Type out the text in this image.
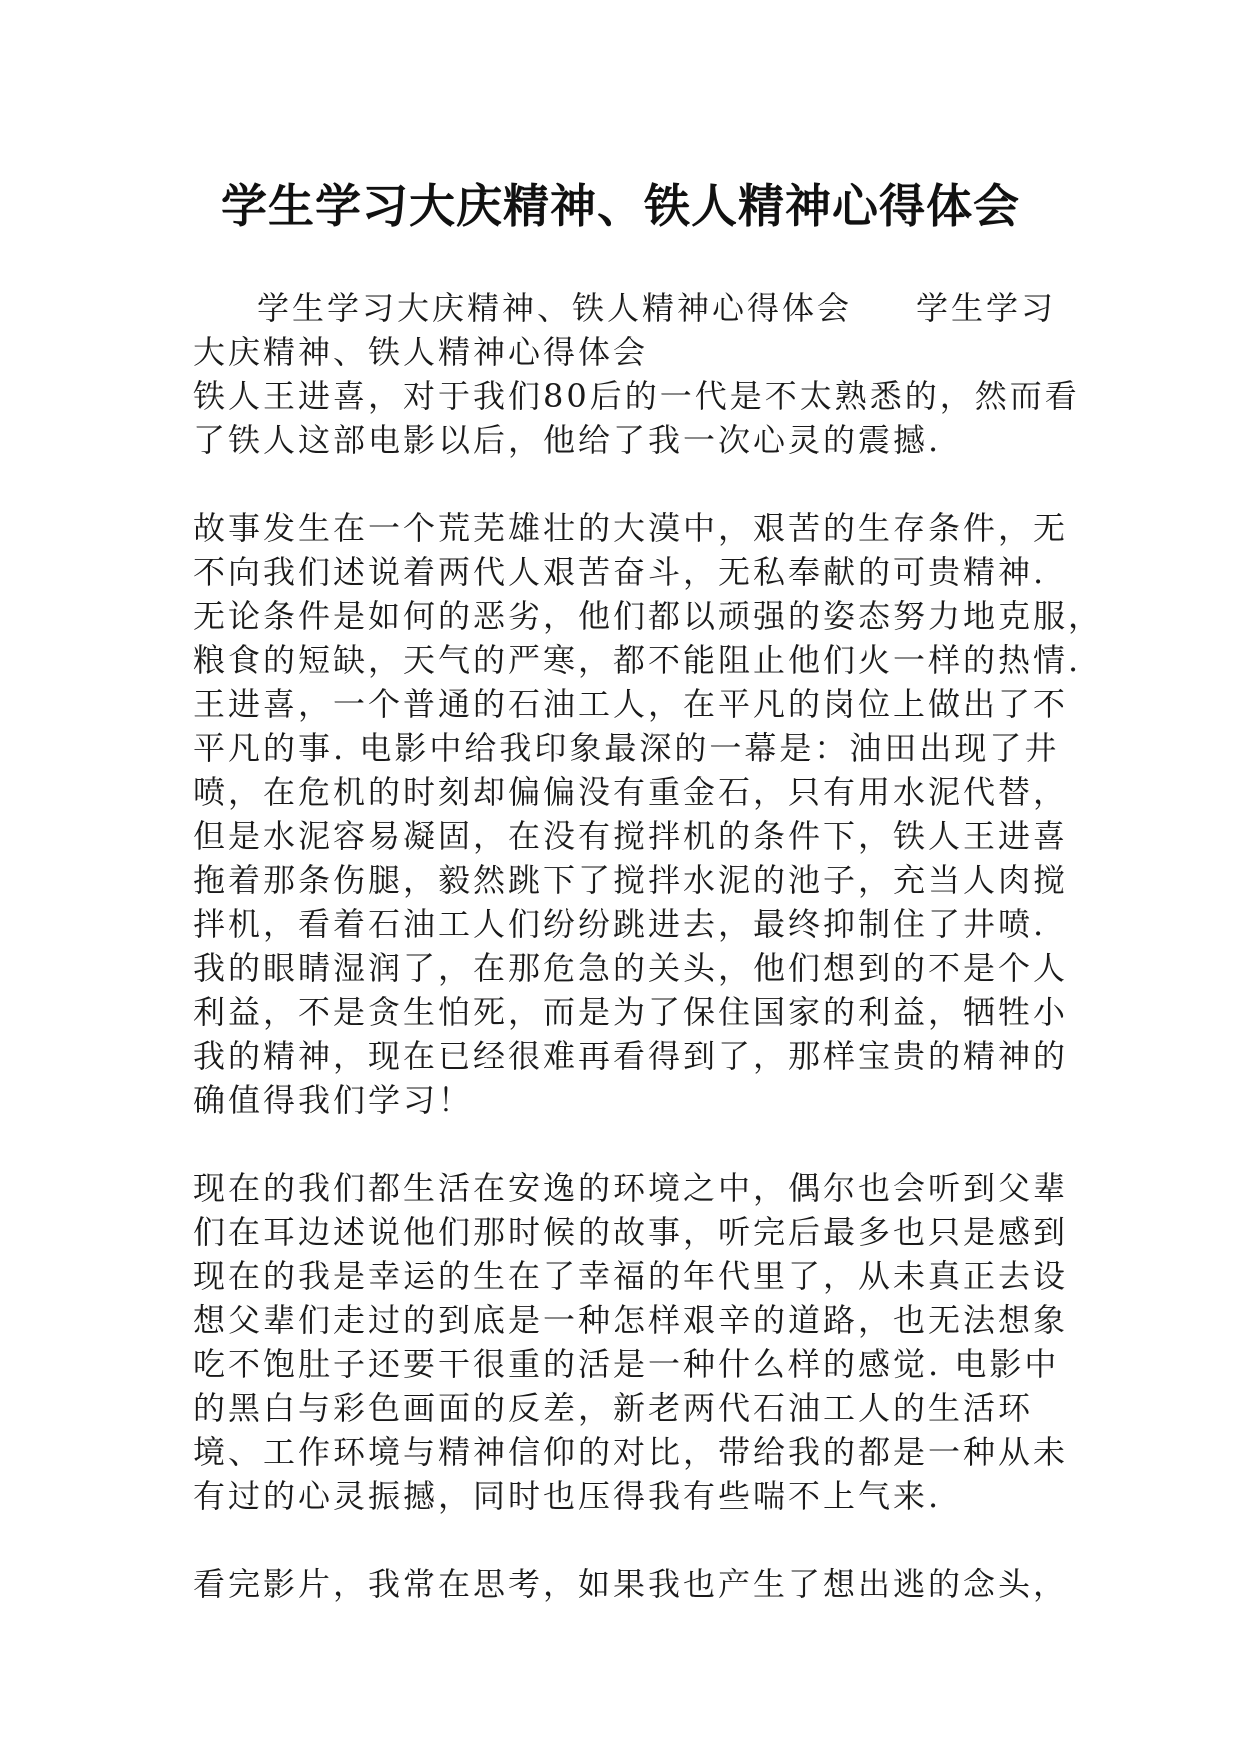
学生学习大庆精神、铁人精神心得体会
学生学习大庆精神、铁人精神心得体会 学生学习
大庆精神、铁人精神心得体会
铁人王进喜，对于我们80后的一代是不太熟悉的，然而看
了铁人这部电影以后，他给了我一次心灵的震撼.
故事发生在一个荒芜雄壮的大漠中，艰苦的生存条件，无
不向我们述说着两代人艰苦奋斗，无私奉献的可贵精神.
无论条件是如何的恶劣，他们都以顽强的姿态努力地克服，
粮食的短缺，天气的严寒，都不能阻止他们火一样的热情.
王进喜，一个普通的石油工人，在平凡的岗位上做出了不
平凡的事. 电影中给我印象最深的一幕是：油田出现了井
喷，在危机的时刻却偏偏没有重金石，只有用水泥代替，
但是水泥容易凝固，在没有搅拌机的条件下，铁人王进喜
拖着那条伤腿，毅然跳下了搅拌水泥的池子，充当人肉搅
拌机，看着石油工人们纷纷跳进去，最终抑制住了井喷.
我的眼睛湿润了，在那危急的关头，他们想到的不是个人
利益，不是贪生怕死，而是为了保住国家的利益，牺牲小
我的精神，现在已经很难再看得到了，那样宝贵的精神的
确值得我们学习！
现在的我们都生活在安逸的环境之中，偶尔也会听到父辈
们在耳边述说他们那时候的故事，听完后最多也只是感到
现在的我是幸运的生在了幸福的年代里了，从未真正去设
想父辈们走过的到底是一种怎样艰辛的道路，也无法想象
吃不饱肚子还要干很重的活是一种什么样的感觉. 电影中
的黑白与彩色画面的反差，新老两代石油工人的生活环
境、工作环境与精神信仰的对比，带给我的都是一种从未
有过的心灵振撼，同时也压得我有些喘不上气来.
看完影片，我常在思考，如果我也产生了想出逃的念头，
